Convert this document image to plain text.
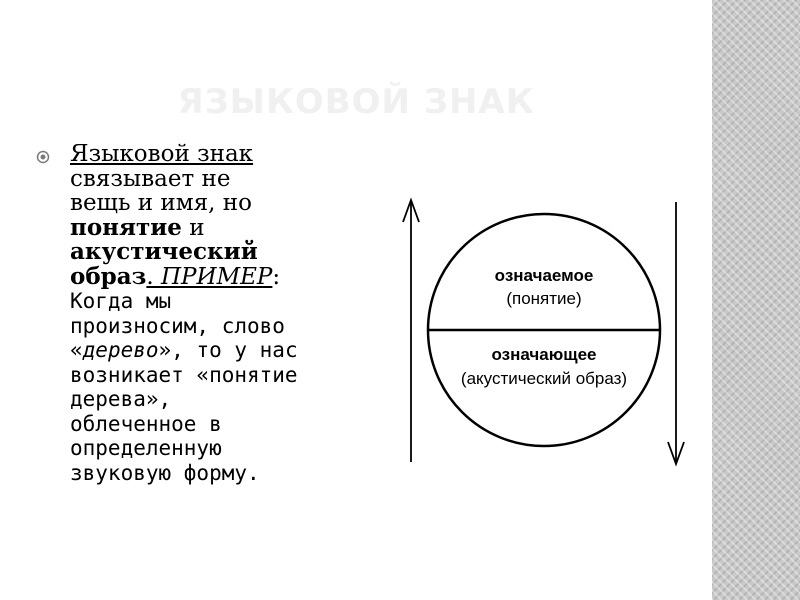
ЯЗЫКОВОЙ ЗНАК
Языковой знак
связывает не
вещь и имя, но
понятие и
акустический
образ. ПРИМЕР:
Когда мы
произносим, слово
«дерево», то у нас
возникает «понятие
дерева»,
облеченное в
определенную
звуковую форму.
означаемое
(понятие)
означающее
(акустический образ)
